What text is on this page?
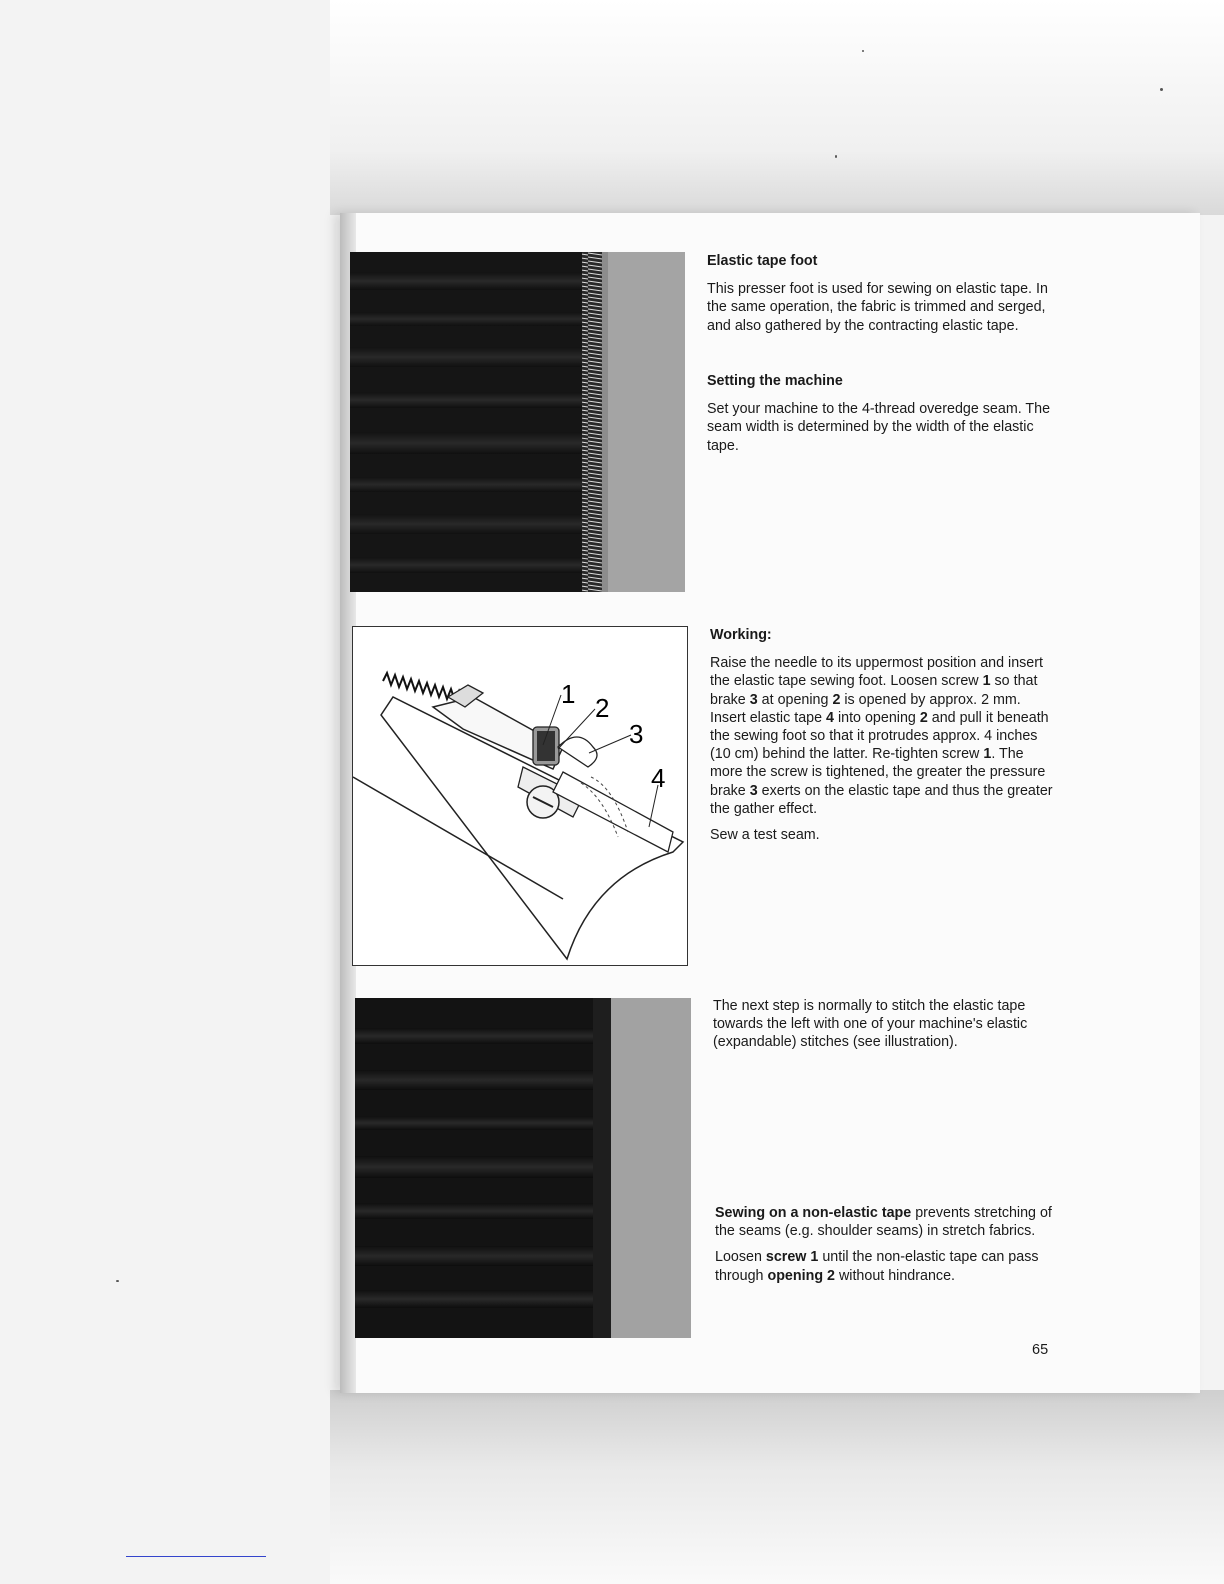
1 2
3
4
Elastic tape foot

This presser foot is used for sewing on elastic tape. In the same operation, the fabric is trimmed and serged, and also gathered by the contracting elastic tape.

Setting the machine

Set your machine to the 4-thread overedge seam. The seam width is determined by the width of the elastic tape.

Working:

Raise the needle to its uppermost position and insert the elastic tape sewing foot. Loosen screw 1 so that brake 3 at opening 2 is opened by approx. 2 mm. Insert elastic tape 4 into opening 2 and pull it beneath the sewing foot so that it protrudes approx. 4 inches (10 cm) behind the latter. Re-tighten screw 1. The more the screw is tightened, the greater the pressure brake 3 exerts on the elastic tape and thus the greater the gather effect.

Sew a test seam.

The next step is normally to stitch the elastic tape towards the left with one of your machine's elastic (expandable) stitches (see illustration).

Sewing on a non-elastic tape prevents stretching of the seams (e.g. shoulder seams) in stretch fabrics.

Loosen screw 1 until the non-elastic tape can pass through opening 2 without hindrance.

65
